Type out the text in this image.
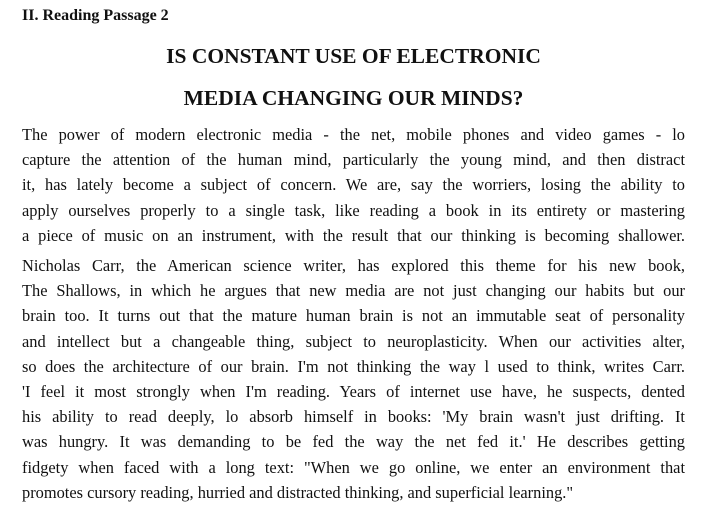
II. Reading Passage 2
IS CONSTANT USE OF ELECTRONIC
MEDIA CHANGING OUR MINDS?

The power of modern electronic media - the net, mobile phones and video games - lo
capture the attention of the human mind, particularly the young mind, and then distract
it, has lately become a subject of concern. We are, say the worriers, losing the ability to
apply ourselves properly to a single task, like reading a book in its entirety or mastering
a piece of music on an instrument, with the result that our thinking is becoming shallower.

Nicholas Carr, the American science writer, has explored this theme for his new book,
The Shallows, in which he argues that new media are not just changing our habits but our
brain too. It turns out that the mature human brain is not an immutable seat of personality
and intellect but a changeable thing, subject to neuroplasticity. When our activities alter,
so does the architecture of our brain. I'm not thinking the way l used to think, writes Carr.
'I feel it most strongly when I'm reading. Years of internet use have, he suspects, dented
his ability to read deeply, lo absorb himself in books: 'My brain wasn't just drifting. It
was hungry. It was demanding to be fed the way the net fed it.' He describes getting
fidgety when faced with a long text: "When we go online, we enter an environment that
promotes cursory reading, hurried and distracted thinking, and superficial learning."
